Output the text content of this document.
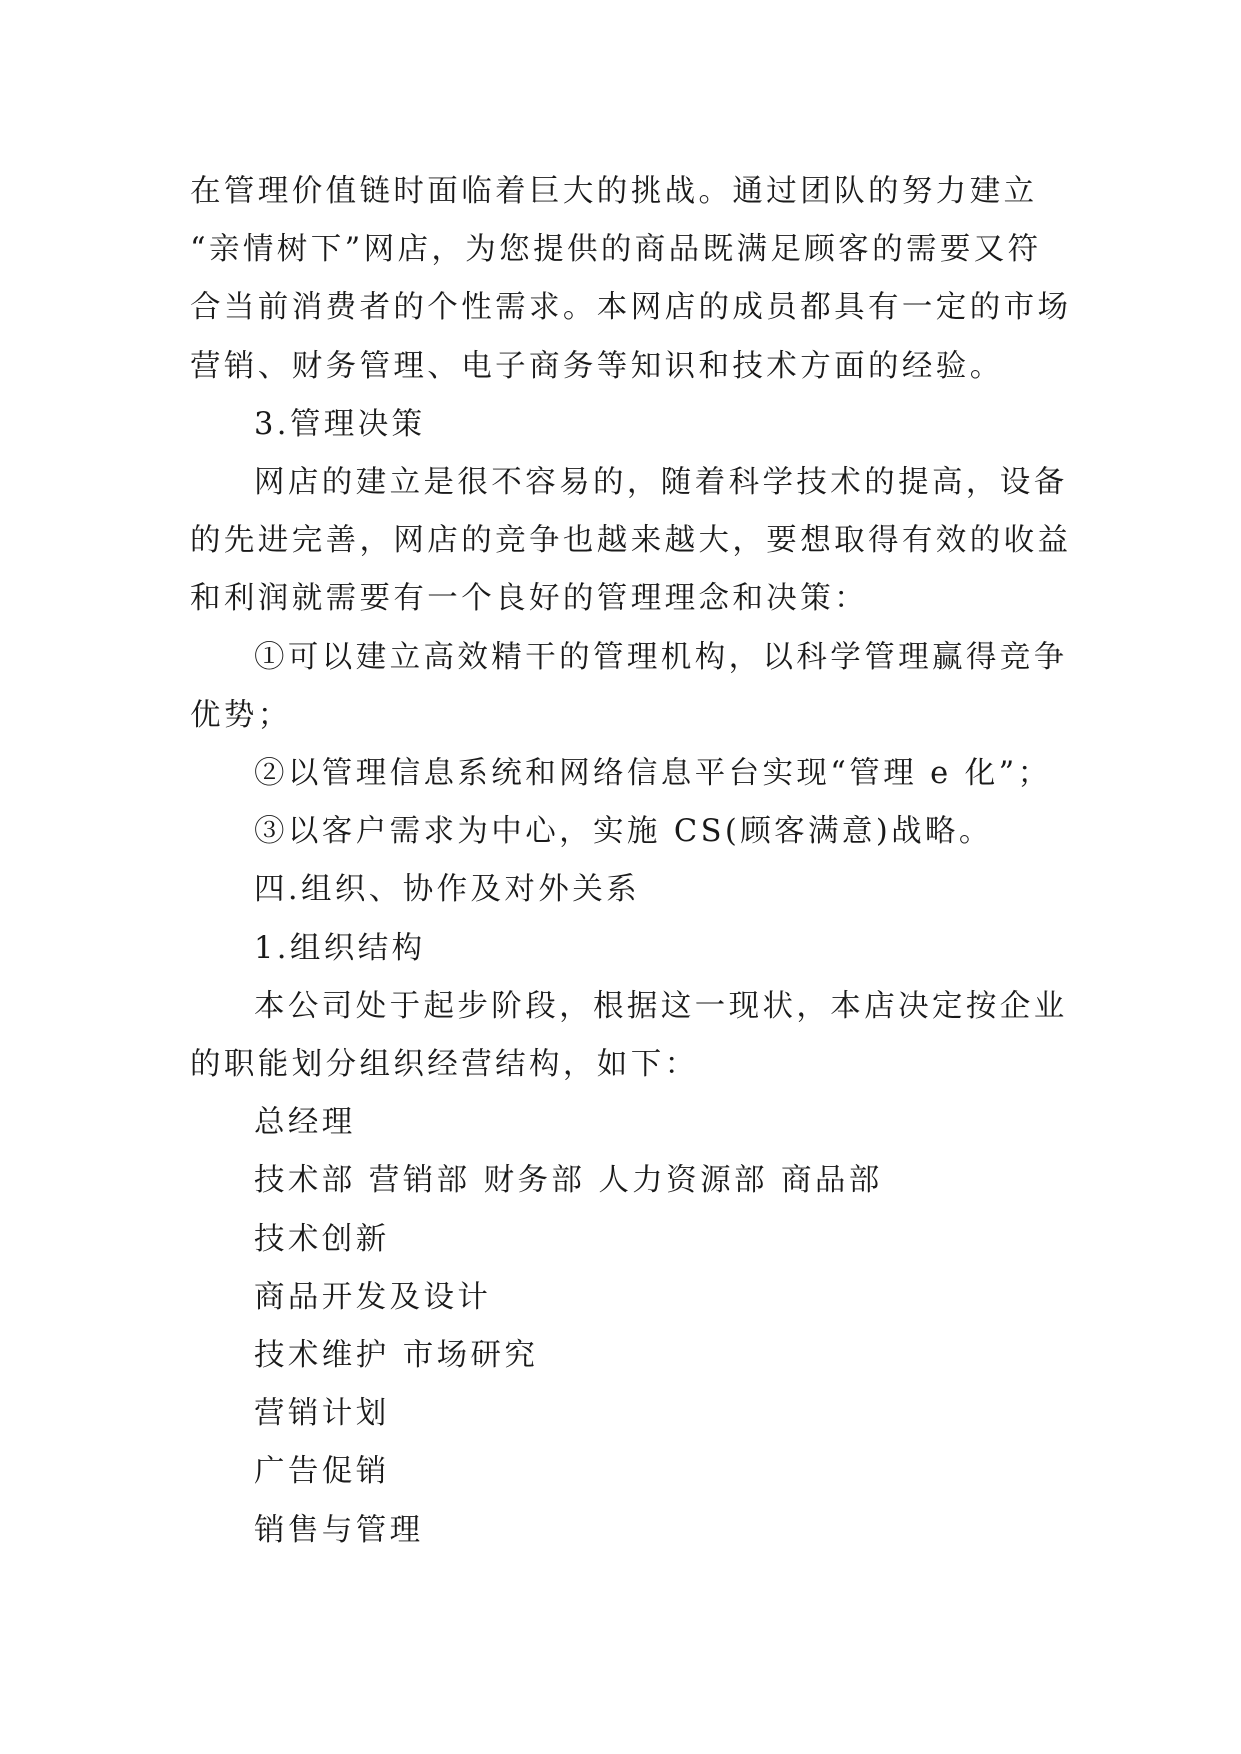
在管理价值链时面临着巨大的挑战。通过团队的努力建立

“亲情树下”网店，为您提供的商品既满足顾客的需要又符

合当前消费者的个性需求。本网店的成员都具有一定的市场

营销、财务管理、电子商务等知识和技术方面的经验。

3.管理决策

网店的建立是很不容易的，随着科学技术的提高，设备

的先进完善，网店的竞争也越来越大，要想取得有效的收益

和利润就需要有一个良好的管理理念和决策：

①可以建立高效精干的管理机构，以科学管理赢得竞争

优势；

②以管理信息系统和网络信息平台实现“管理 e 化”；

③以客户需求为中心，实施 CS(顾客满意)战略。

四.组织、协作及对外关系

1.组织结构

本公司处于起步阶段，根据这一现状，本店决定按企业

的职能划分组织经营结构，如下：

总经理

技术部 营销部 财务部 人力资源部 商品部

技术创新

商品开发及设计

技术维护 市场研究

营销计划

广告促销

销售与管理
